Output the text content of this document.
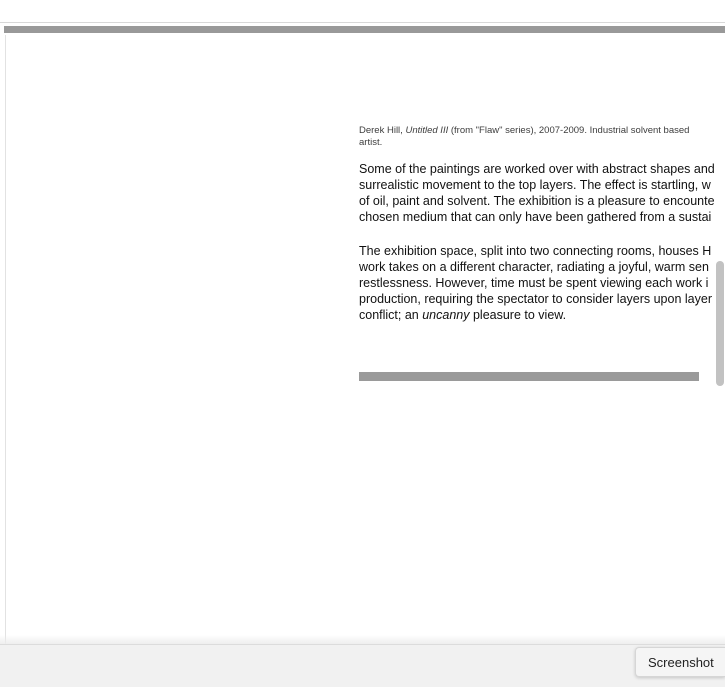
Derek Hill, Untitled III (from "Flaw" series), 2007-2009. Industrial solvent based
artist.

Some of the paintings are worked over with abstract shapes and

surrealistic movement to the top layers. The effect is startling, w

of oil, paint and solvent. The exhibition is a pleasure to encounte

chosen medium that can only have been gathered from a sustai

The exhibition space, split into two connecting rooms, houses H

work takes on a different character, radiating a joyful, warm sen

restlessness. However, time must be spent viewing each work i

production, requiring the spectator to consider layers upon layer

conflict; an uncanny pleasure to view.

Screenshot
